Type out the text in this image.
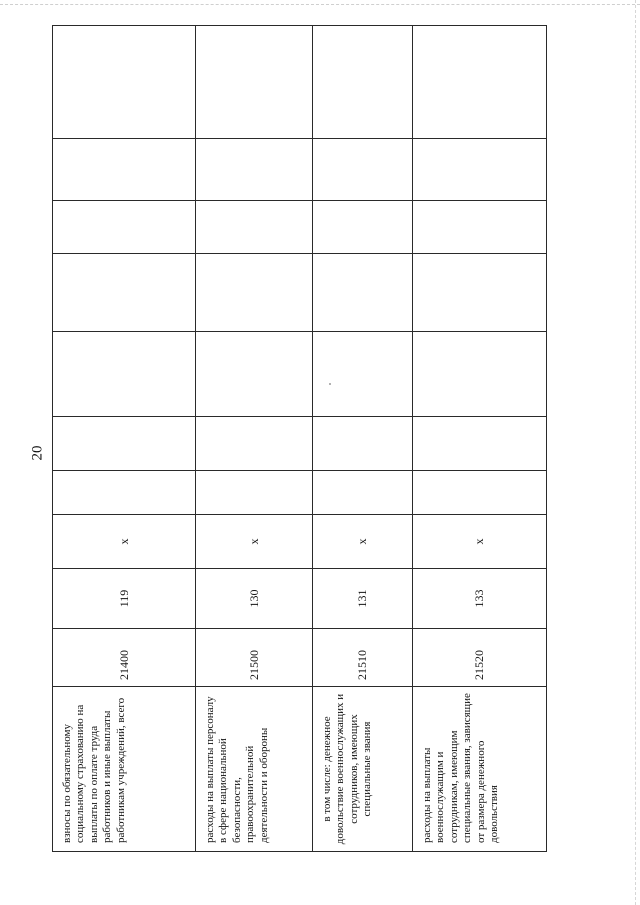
20
взносы по обязательному социальному страхованию на выплаты по оплате труда работников и иные выплаты работникам учреждений, всего	21400	119	x							
расходы на выплаты персоналу в сфере национальной безопасности, правоохранительной деятельности и обороны	21500	130	x							
в том числе: денежное довольствие военнослужащих и сотрудников, имеющих специальные звания	21510	131	x							
расходы на выплаты военнослужащим и сотрудникам, имеющим специальные звания, зависящие от размера денежного довольствия	21520	133	x							
